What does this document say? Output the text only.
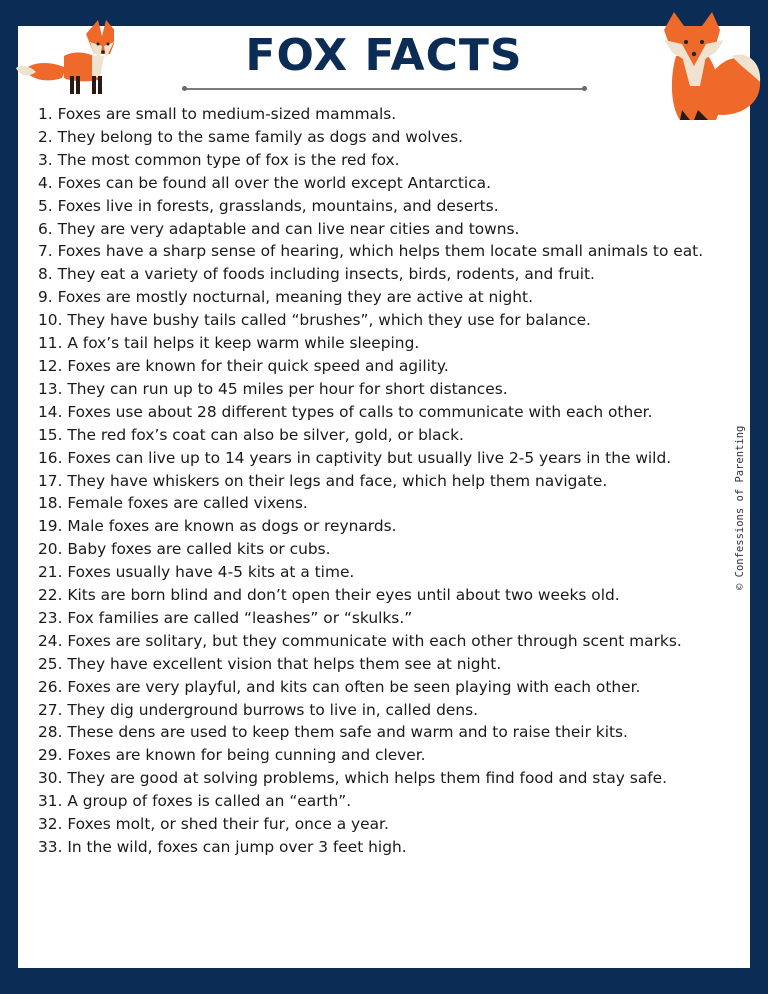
FOX FACTS
1. Foxes are small to medium-sized mammals.
2. They belong to the same family as dogs and wolves.
3. The most common type of fox is the red fox.
4. Foxes can be found all over the world except Antarctica.
5. Foxes live in forests, grasslands, mountains, and deserts.
6. They are very adaptable and can live near cities and towns.
7. Foxes have a sharp sense of hearing, which helps them locate small animals to eat.
8. They eat a variety of foods including insects, birds, rodents, and fruit.
9. Foxes are mostly nocturnal, meaning they are active at night.
10. They have bushy tails called “brushes”, which they use for balance.
11. A fox’s tail helps it keep warm while sleeping.
12. Foxes are known for their quick speed and agility.
13. They can run up to 45 miles per hour for short distances.
14. Foxes use about 28 different types of calls to communicate with each other.
15. The red fox’s coat can also be silver, gold, or black.
16. Foxes can live up to 14 years in captivity but usually live 2-5 years in the wild.
17. They have whiskers on their legs and face, which help them navigate.
18. Female foxes are called vixens.
19. Male foxes are known as dogs or reynards.
20. Baby foxes are called kits or cubs.
21. Foxes usually have 4-5 kits at a time.
22. Kits are born blind and don’t open their eyes until about two weeks old.
23. Fox families are called “leashes” or “skulks.”
24. Foxes are solitary, but they communicate with each other through scent marks.
25. They have excellent vision that helps them see at night.
26. Foxes are very playful, and kits can often be seen playing with each other.
27. They dig underground burrows to live in, called dens.
28. These dens are used to keep them safe and warm and to raise their kits.
29. Foxes are known for being cunning and clever.
30. They are good at solving problems, which helps them find food and stay safe.
31. A group of foxes is called an “earth”.
32. Foxes molt, or shed their fur, once a year.
33. In the wild, foxes can jump over 3 feet high.
© Confessions of Parenting
